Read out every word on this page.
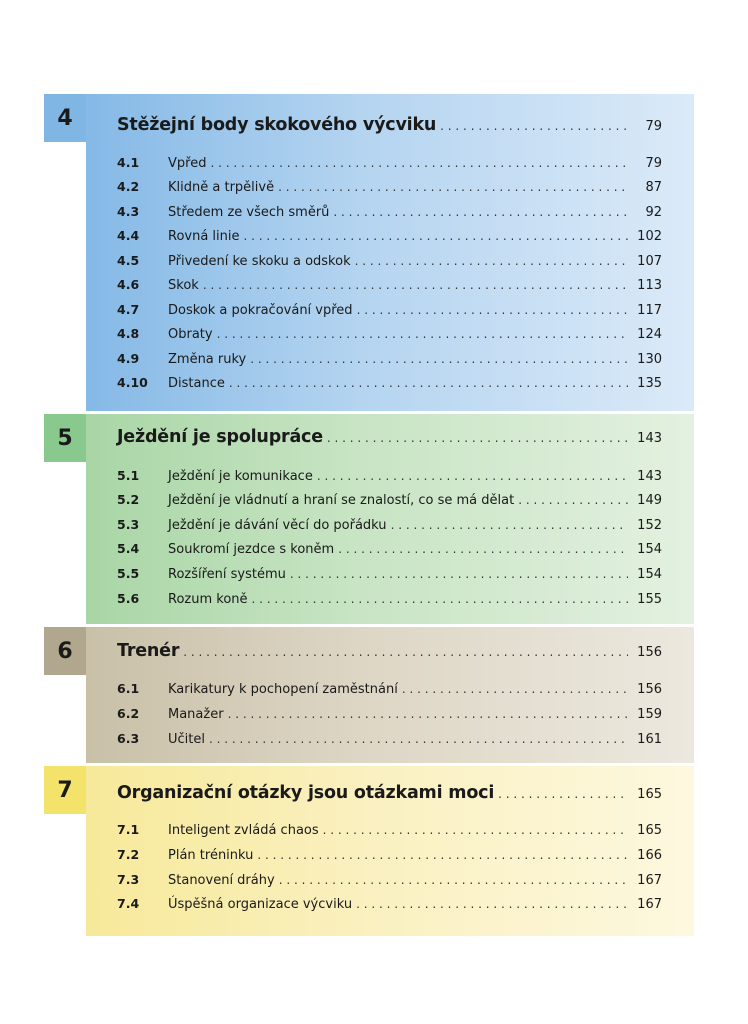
4	Stěžejní body skokového výcviku . . .	79
4.1	Vpřed . . .	79
4.2	Klidně a trpělivě . . .	87
4.3	Středem ze všech směrů . . .	92
4.4	Rovná linie . . .	102
4.5	Přivedení ke skoku a odskok . . .	107
4.6	Skok . . .	113
4.7	Doskok a pokračování vpřed . . .	117
4.8	Obraty . . .	124
4.9	Změna ruky . . .	130
4.10	Distance . . .	135
5	Ježdění je spolupráce . . .	143
5.1	Ježdění je komunikace . . .	143
5.2	Ježdění je vládnutí a hraní se znalostí, co se má dělat . . .	149
5.3	Ježdění je dávání věcí do pořádku . . .	152
5.4	Soukromí jezdce s koněm . . .	154
5.5	Rozšíření systému . . .	154
5.6	Rozum koně . . .	155
6	Trenér . . .	156
6.1	Karikatury k pochopení zaměstnání . . .	156
6.2	Manažer . . .	159
6.3	Učitel . . .	161
7	Organizační otázky jsou otázkami moci . . .	165
7.1	Inteligent zvládá chaos . . .	165
7.2	Plán tréninku . . .	166
7.3	Stanovení dráhy . . .	167
7.4	Úspěšná organizace výcviku . . .	167
